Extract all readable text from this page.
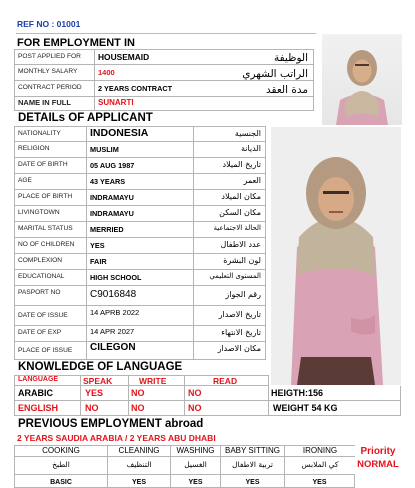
REF NO : 01001
FOR EMPLOYMENT IN
POST APPLIED FOR	HOUSEMAID	الوظيفة
MONTHLY SALARY	1400	الراتب الشهري
CONTRACT PERIOD	2 YEARS CONTRACT	مدة العقد
NAME IN FULL	SUNARTI
DETAILs OF APPLICANT
NATIONALITY	INDONESIA	الجنسية
RELIGION	MUSLIM	الديانة
DATE OF BIRTH	05 AUG 1987	تاريخ الميلاد
AGE	43 YEARS	العمر
PLACE OF BIRTH	INDRAMAYU	مكان الميلاد
LIVINGTOWN	INDRAMAYU	مكان السكن
MARITAL STATUS	MERRIED	الحالة الاجتماعية
NO OF CHILDREN	YES	عدد الاطفال
COMPLEXION	FAIR	لون البشرة
EDUCATIONAL	HIGH SCHOOL	المستوى التعليمي
PASPORT NO	C9016848	رقم الجواز
DATE OF ISSUE	14 APRB 2022	تاريخ الاصدار
DATE OF EXP	14 APR 2027	تاريخ الانتهاء
PLACE OF ISSUE	CILEGON	مكان الاصدار
KNOWLEDGE OF LANGUAGE
LANGUAGE	SPEAK	WRITE	READ
ARABIC	YES	NO	NO	HEIGTH:156
ENGLISH	NO	NO	NO	WEIGHT 54 KG
PREVIOUS EMPLOYMENT abroad
2 YEARS SAUDIA ARABIA / 2 YEARS ABU DHABI
COOKING	CLEANING	WASHING	BABY SITTING	IRONING	Priority
الطبخ	التنظيف	الغسيل	تربية الاطفال	كي الملابس	NORMAL
BASIC	YES	YES	YES	YES
